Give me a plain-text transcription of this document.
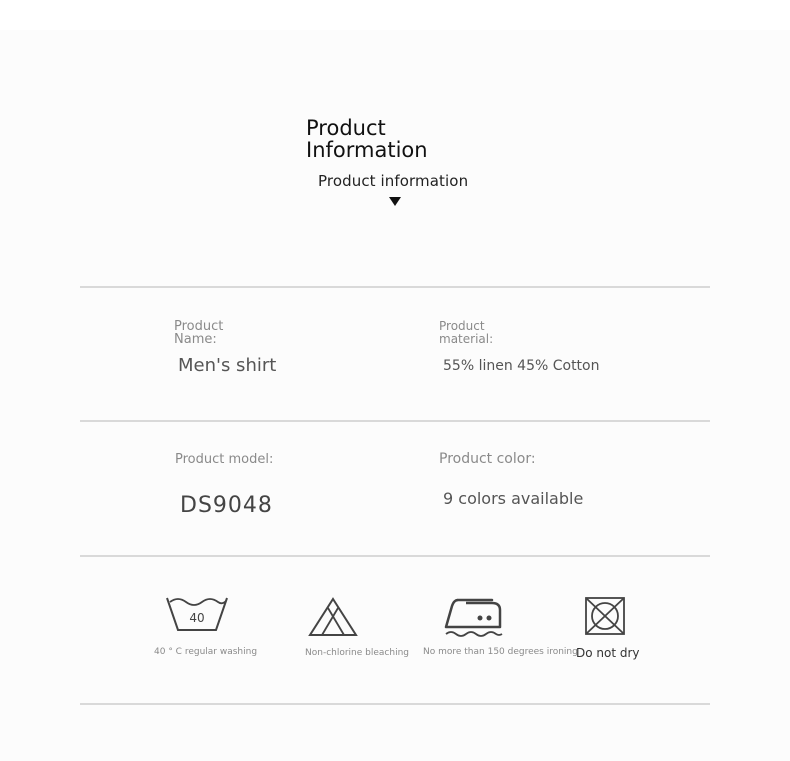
Product
Information
Product information
Product
Name:
Men's shirt
Product
material:
55% linen 45% Cotton
Product model:
DS9048
Product color:
9 colors available
40
40 ° C regular washing	Non-chlorine bleaching No more than 150 degrees ironing
Do not dry
